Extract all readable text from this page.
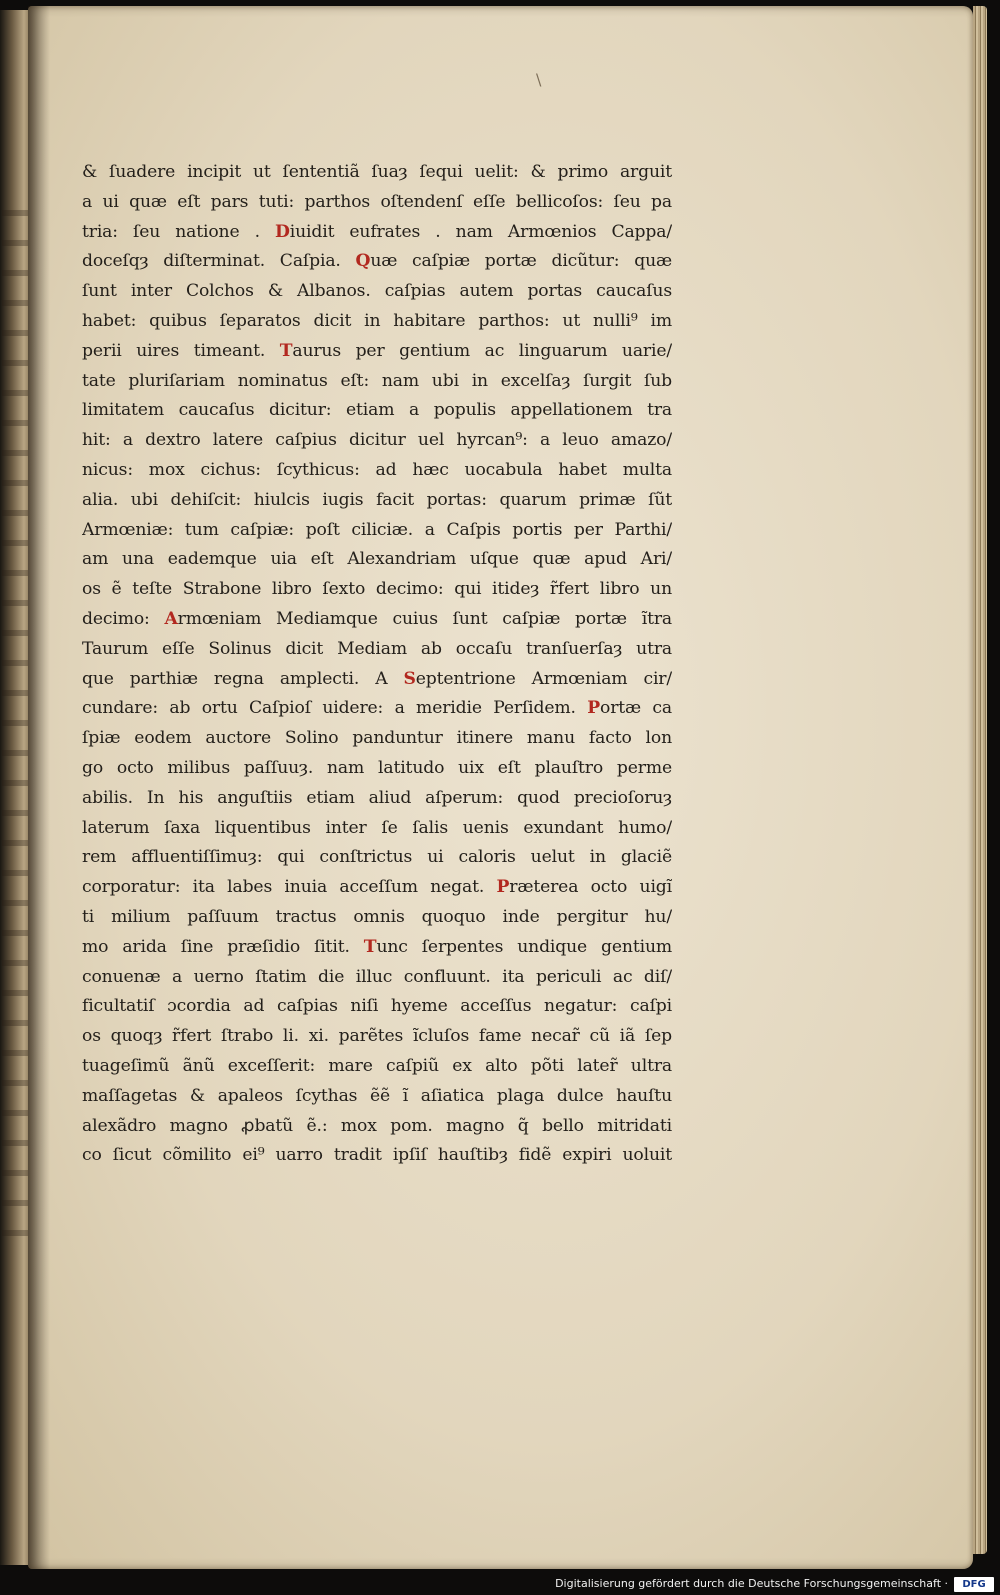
\
& ſuadere incipit ut ſententiã ſuaȝ ſequi uelit: & primo arguit
a ui quæ eſt pars tuti: parthos oſtendenſ eſſe belliсoſos: ſeu pa
tria: ſeu natione . Diuidit eufrates . nam Armœnios Cappa/
doceſqȝ diſterminat. Caſpia. Quæ caſpiæ portæ dicũtur: quæ
ſunt inter Colchos & Albanos. caſpias autem portas caucaſus
habet: quibus ſeparatos dicit in habitare parthos: ut nulli⁹ im
perii uires timeant. Taurus per gentium ac linguarum uarie/
tate pluriſariam nominatus eſt: nam ubi in excelſaȝ ſurgit ſub
limitatem caucaſus dicitur: etiam a populis appellationem tra
hit: a dextro latere caſpius dicitur uel hyrcan⁹: a leuo amazo/
nicus: mox cichus: ſcythicus: ad hæc uocabula habet multa
alia. ubi dehiſcit: hiulcis iugis facit portas: quarum primæ ſũt
Armœniæ: tum caſpiæ: poſt ciliciæ. a Caſpis portis per Parthi/
am una eademque uia eſt Alexandriam uſque quæ apud Ari/
os ẽ teſte Strabone libro ſexto decimo: qui itideȝ r̃fert libro un
decimo: Armœniam Mediamque cuius ſunt caſpiæ portæ ĩtra
Taurum eſſe Solinus dicit Mediam ab occaſu tranſuerſaȝ utra
que parthiæ regna amplecti. A Septentrione Armœniam cir/
cundare: ab ortu Caſpioſ uidere: a meridie Perſidem. Portæ ca
ſpiæ eodem auctore Solino panduntur itinere manu facto lon
go octo milibus paſſuuȝ. nam latitudo uix eſt plauſtro perme
abilis. In his anguſtiis etiam aliud aſperum: quod precioſoruȝ
laterum ſaxa liquentibus inter ſe ſalis uenis exundant humo/
rem affluentiſſimuȝ: qui conſtrictus ui caloris uelut in glaciẽ
corporatur: ita labes inuia acceſſum negat. Præterea octo uigĩ
ti milium paſſuum tractus omnis quoquo inde pergitur hu/
mo arida ſine præſidio ſitit. Tunc ſerpentes undique gentium
conuenæ a uerno ſtatim die illuc confluunt. ita periculi ac diſ/
ficultatiſ ɔcordia ad caſpias niſi hyeme acceſſus negatur: caſpi
os quoqȝ r̃fert ſtrabo li. xi. parẽtes ĩcluſos fame necar̃ cũ iã ſep
tuageſimũ ãnũ exceſſerit: mare caſpiũ ex alto põti later̃ ultra
maſſagetas & apaleos ſcythas ẽẽ ĩ aſiatica plaga dulce hauſtu
alexãdro magno ꝓbatũ ẽ.: mox pom. magno q̃ bello mitridati
co ſicut cõmilito ei⁹ uarro tradit ipſiſ hauſtibȝ fidẽ expiri uoluit
Digitalisierung gefördert durch die Deutsche Forschungsgemeinschaft ·	DFG
